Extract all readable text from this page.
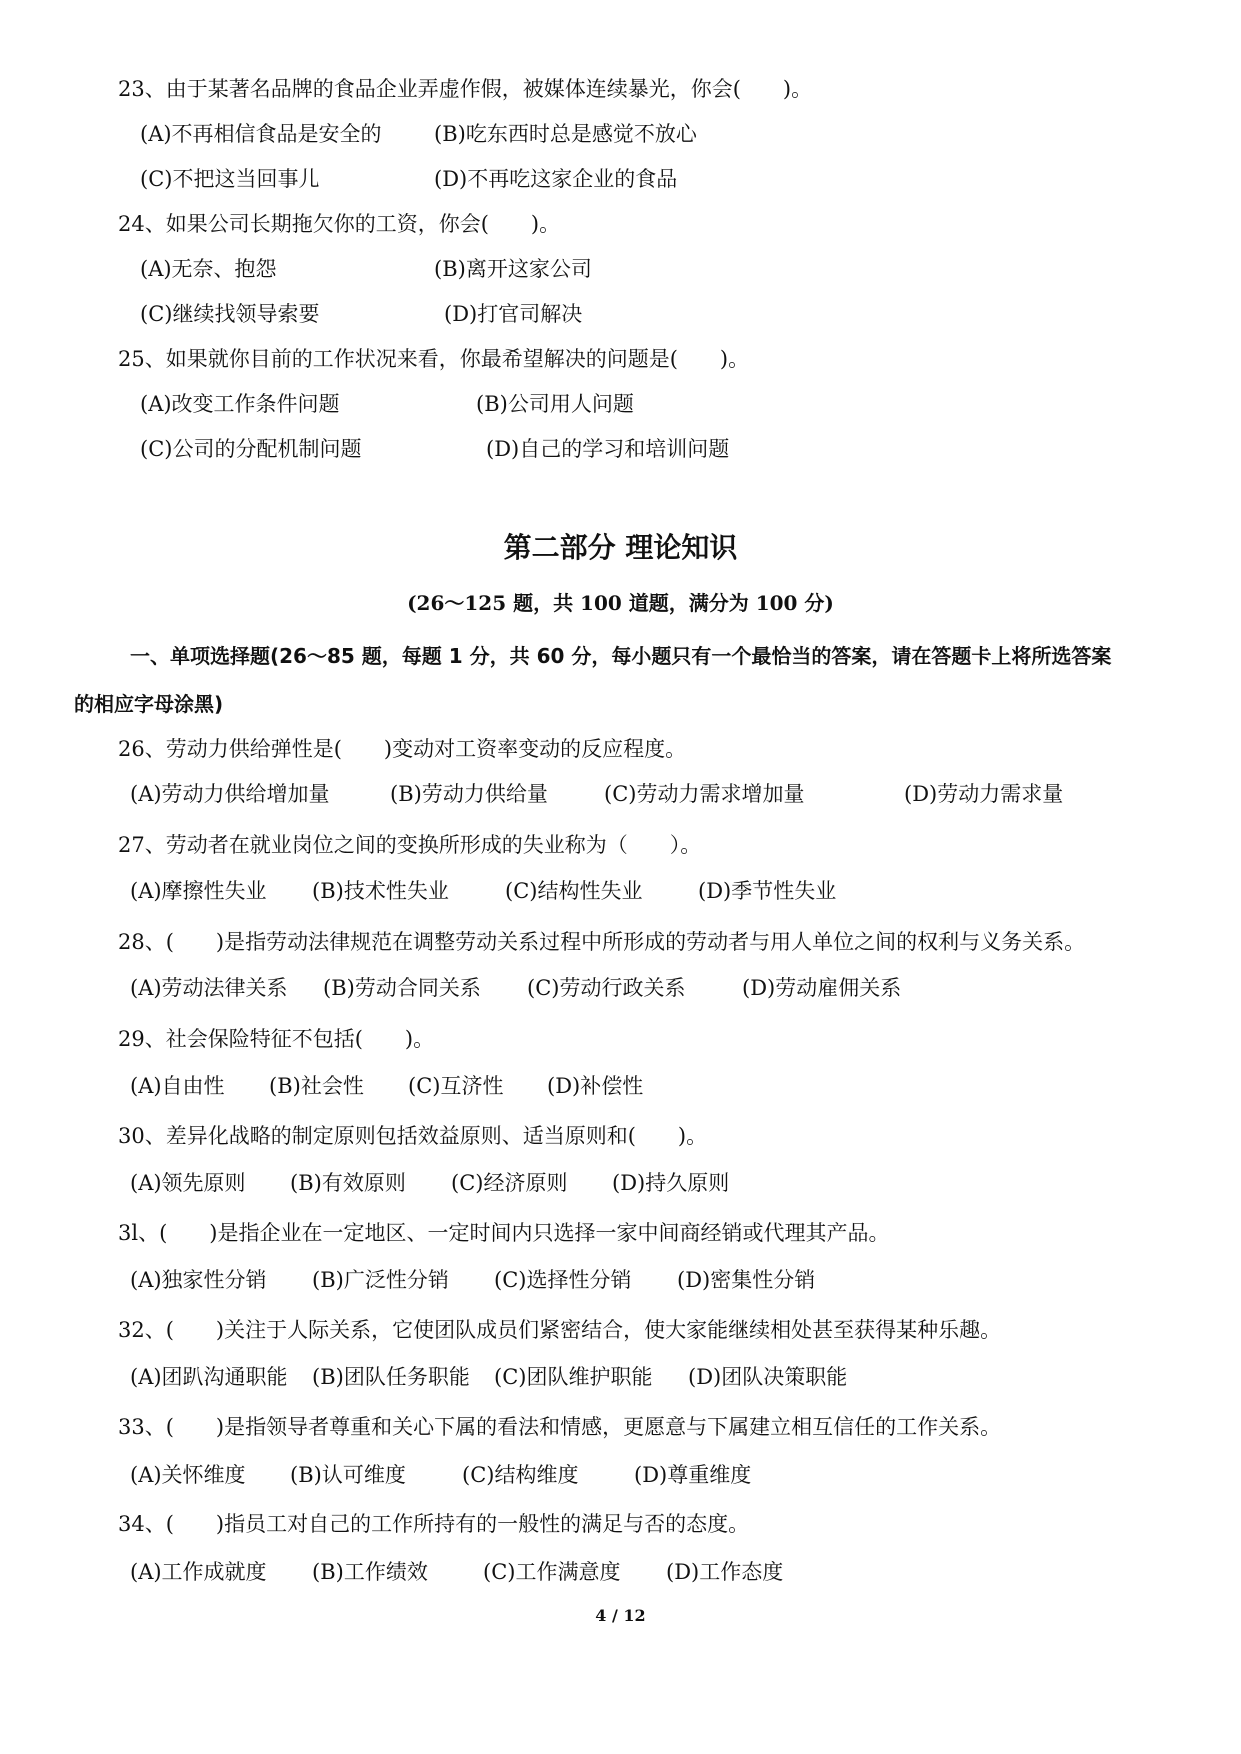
23、由于某著名品牌的食品企业弄虚作假，被媒体连续暴光，你会(　　)。
(A)不再相信食品是安全的 (B)吃东西时总是感觉不放心
(C)不把这当回事儿	(D)不再吃这家企业的食品
24、如果公司长期拖欠你的工资，你会(　　)。
(A)无奈、抱怨	(B)离开这家公司
(C)继续找领导索要	(D)打官司解决
25、如果就你目前的工作状况来看，你最希望解决的问题是(　　)。
(A)改变工作条件问题	(B)公司用人问题
(C)公司的分配机制问题	(D)自己的学习和培训问题
第二部分 理论知识
(26～125 题，共 100 道题，满分为 100 分)
一、单项选择题(26～85 题，每题 1 分，共 60 分，每小题只有一个最恰当的答案，请在答题卡上将所选答案
的相应字母涂黑)
26、劳动力供给弹性是(　　)变动对工资率变动的反应程度。
(A)劳动力供给增加量	(B)劳动力供给量	(C)劳动力需求增加量	(D)劳动力需求量
27、劳动者在就业岗位之间的变换所形成的失业称为（　　）。
(A)摩擦性失业 (B)技术性失业	(C)结构性失业	(D)季节性失业
28、(　　)是指劳动法律规范在调整劳动关系过程中所形成的劳动者与用人单位之间的权利与义务关系。
(A)劳动法律关系 (B)劳动合同关系 (C)劳动行政关系	(D)劳动雇佣关系
29、社会保险特征不包括(　　)。
(A)自由性 (B)社会性 (C)互济性 (D)补偿性
30、差异化战略的制定原则包括效益原则、适当原则和(　　)。
(A)领先原则 (B)有效原则 (C)经济原则 (D)持久原则
3l、(　　)是指企业在一定地区、一定时间内只选择一家中间商经销或代理其产品。
(A)独家性分销 (B)广泛性分销 (C)选择性分销 (D)密集性分销
32、(　　)关注于人际关系，它使团队成员们紧密结合，使大家能继续相处甚至获得某种乐趣。
(A)团趴沟通职能 (B)团队任务职能 (C)团队维护职能 (D)团队决策职能
33、(　　)是指领导者尊重和关心下属的看法和情感，更愿意与下属建立相互信任的工作关系。
(A)关怀维度 (B)认可维度	(C)结构维度	(D)尊重维度
34、(　　)指员工对自己的工作所持有的一般性的满足与否的态度。
(A)工作成就度 (B)工作绩效	(C)工作满意度 (D)工作态度
4 / 12
